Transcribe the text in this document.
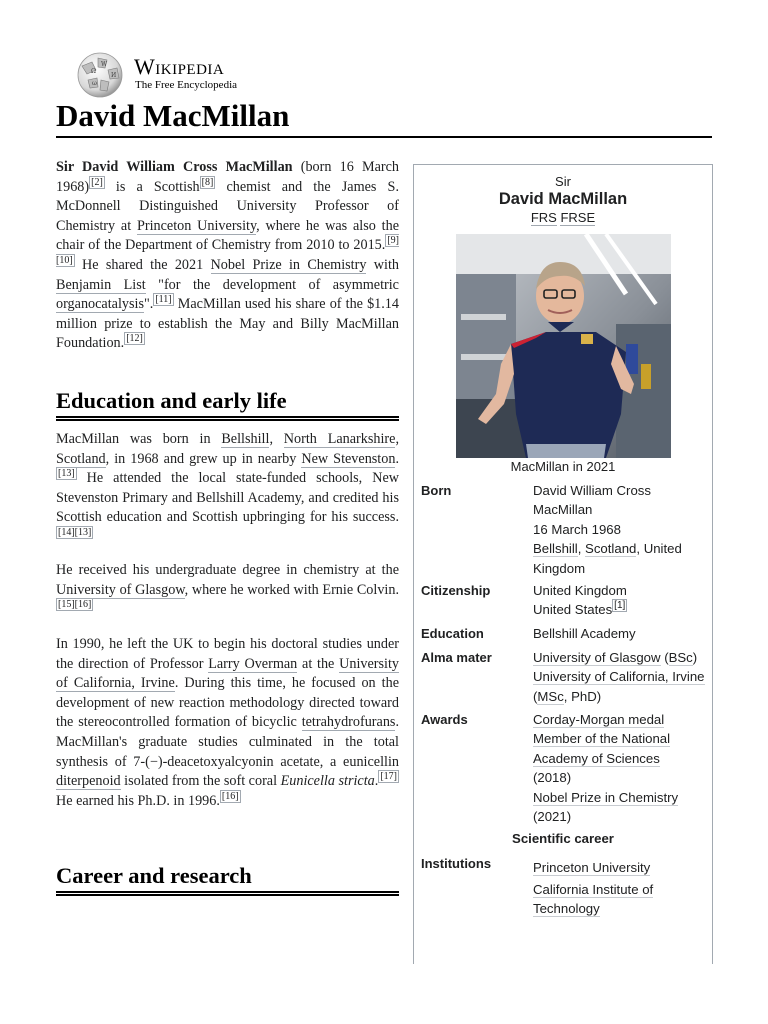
Ω
W
И
ω
Wikipedia
The Free Encyclopedia
David MacMillan

Sir David William Cross MacMillan (born 16 March 1968) [2] is a Scottish [8] chemist and the James S. McDonnell Distinguished University Professor of Chemistry at Princeton University, where he was also the chair of the Department of Chemistry from 2010 to 2015. [9][10] He shared the 2021 Nobel Prize in Chemistry with Benjamin List "for the development of asymmetric organocatalysis". [11] MacMillan used his share of the $1.14 million prize to establish the May and Billy MacMillan Foundation. [12]

Education and early life

MacMillan was born in Bellshill, North Lanarkshire, Scotland, in 1968 and grew up in nearby New Stevenston.[13] He attended the local state-funded schools, New Stevenston Primary and Bellshill Academy, and credited his Scottish education and Scottish upbringing for his success.[14][13]

He received his undergraduate degree in chemistry at the University of Glasgow, where he worked with Ernie Colvin.[15][16]

In 1990, he left the UK to begin his doctoral studies under the direction of Professor Larry Overman at the University of California, Irvine. During this time, he focused on the development of new reaction methodology directed toward the stereocontrolled formation of bicyclic tetrahydrofurans. MacMillan's graduate studies culminated in the total synthesis of 7-(−)-deacetoxyalcyonin acetate, a eunicellin diterpenoid isolated from the soft coral Eunicella stricta. [17] He earned his Ph.D. in 1996. [16]

Career and research
Sir
David MacMillan
FRS FRSE
MacMillan in 2021
Born	David William Cross MacMillan
16 March 1968
Bellshill, Scotland, United Kingdom
Citizenship	United Kingdom
United States [1]
Education	Bellshill Academy
Alma mater	University of Glasgow (BSc)
University of California, Irvine (MSc, PhD)
Awards	Corday-Morgan medal
Member of the National Academy of Sciences
(2018)
Nobel Prize in Chemistry
(2021)
Scientific career
Institutions	Princeton University
California Institute of Technology
